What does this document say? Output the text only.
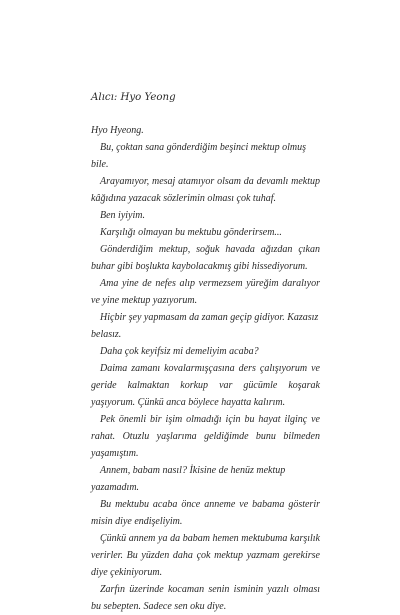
Alıcı: Hyo Yeong

Hyo Hyeong.

Bu, çoktan sana gönderdiğim beşinci mektup olmuş bile.

Arayamıyor, mesaj atamıyor olsam da devamlı mektup kâğıdına yazacak sözlerimin olması çok tuhaf.

Ben iyiyim.

Karşılığı olmayan bu mektubu gönderirsem...

Gönderdiğim mektup, soğuk havada ağızdan çıkan buhar gibi boşlukta kaybolacakmış gibi hissediyorum.

Ama yine de nefes alıp vermezsem yüreğim daralıyor ve yine mektup yazıyorum.

Hiçbir şey yapmasam da zaman geçip gidiyor. Kazasız belasız.

Daha çok keyifsiz mi demeliyim acaba?

Daima zamanı kovalarmışçasına ders çalışıyorum ve geride kalmaktan korkup var gücümle koşarak yaşıyorum. Çünkü anca böylece hayatta kalırım.

Pek önemli bir işim olmadığı için bu hayat ilginç ve rahat. Otuzlu yaşlarıma geldiğimde bunu bilmeden yaşamıştım.

Annem, babam nasıl? İkisine de henüz mektup yazamadım.

Bu mektubu acaba önce anneme ve babama gösterir misin diye endişeliyim.

Çünkü annem ya da babam hemen mektubuma karşılık verirler. Bu yüzden daha çok mektup yazmam gerekirse diye çekiniyorum.

Zarfın üzerinde kocaman senin isminin yazılı olması bu sebepten. Sadece sen oku diye.
